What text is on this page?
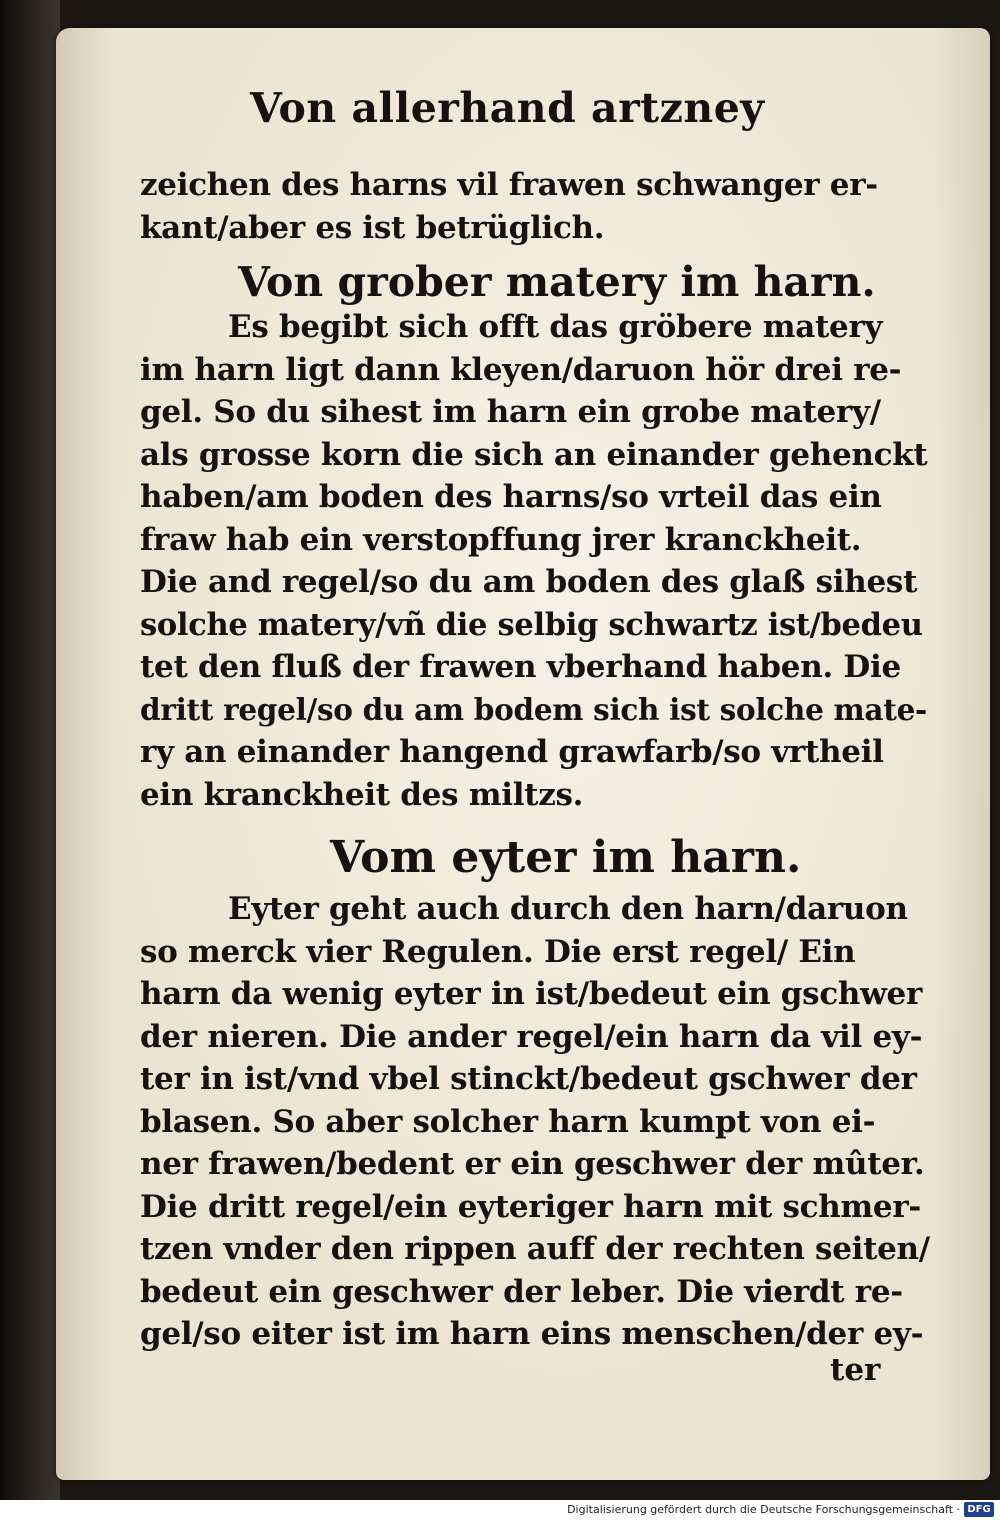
Von allerhand artzney
zeichen des harns vil frawen schwanger er-
kant/aber es ist betrüglich.
Von grober matery im harn.
Es begibt sich offt das gröbere matery
im harn ligt dann kleyen/daruon hör drei re-
gel. So du sihest im harn ein grobe matery/
als grosse korn die sich an einander gehenckt
haben/am boden des harns/so vrteil das ein
fraw hab ein verstopffung jrer kranckheit.
Die and regel/so du am boden des glaß sihest
solche matery/vñ die selbig schwartz ist/bedeu
tet den fluß der frawen vberhand haben. Die
dritt regel/so du am bodem sich ist solche mate-
ry an einander hangend grawfarb/so vrtheil
ein kranckheit des miltzs.
Vom eyter im harn.
Eyter geht auch durch den harn/daruon
so merck vier Regulen. Die erst regel/ Ein
harn da wenig eyter in ist/bedeut ein gschwer
der nieren. Die ander regel/ein harn da vil ey-
ter in ist/vnd vbel stinckt/bedeut gschwer der
blasen. So aber solcher harn kumpt von ei-
ner frawen/bedent er ein geschwer der mûter.
Die dritt regel/ein eyteriger harn mit schmer-
tzen vnder den rippen auff der rechten seiten/
bedeut ein geschwer der leber. Die vierdt re-
gel/so eiter ist im harn eins menschen/der ey-
ter
Digitalisierung gefördert durch die Deutsche Forschungsgemeinschaft · DFG
